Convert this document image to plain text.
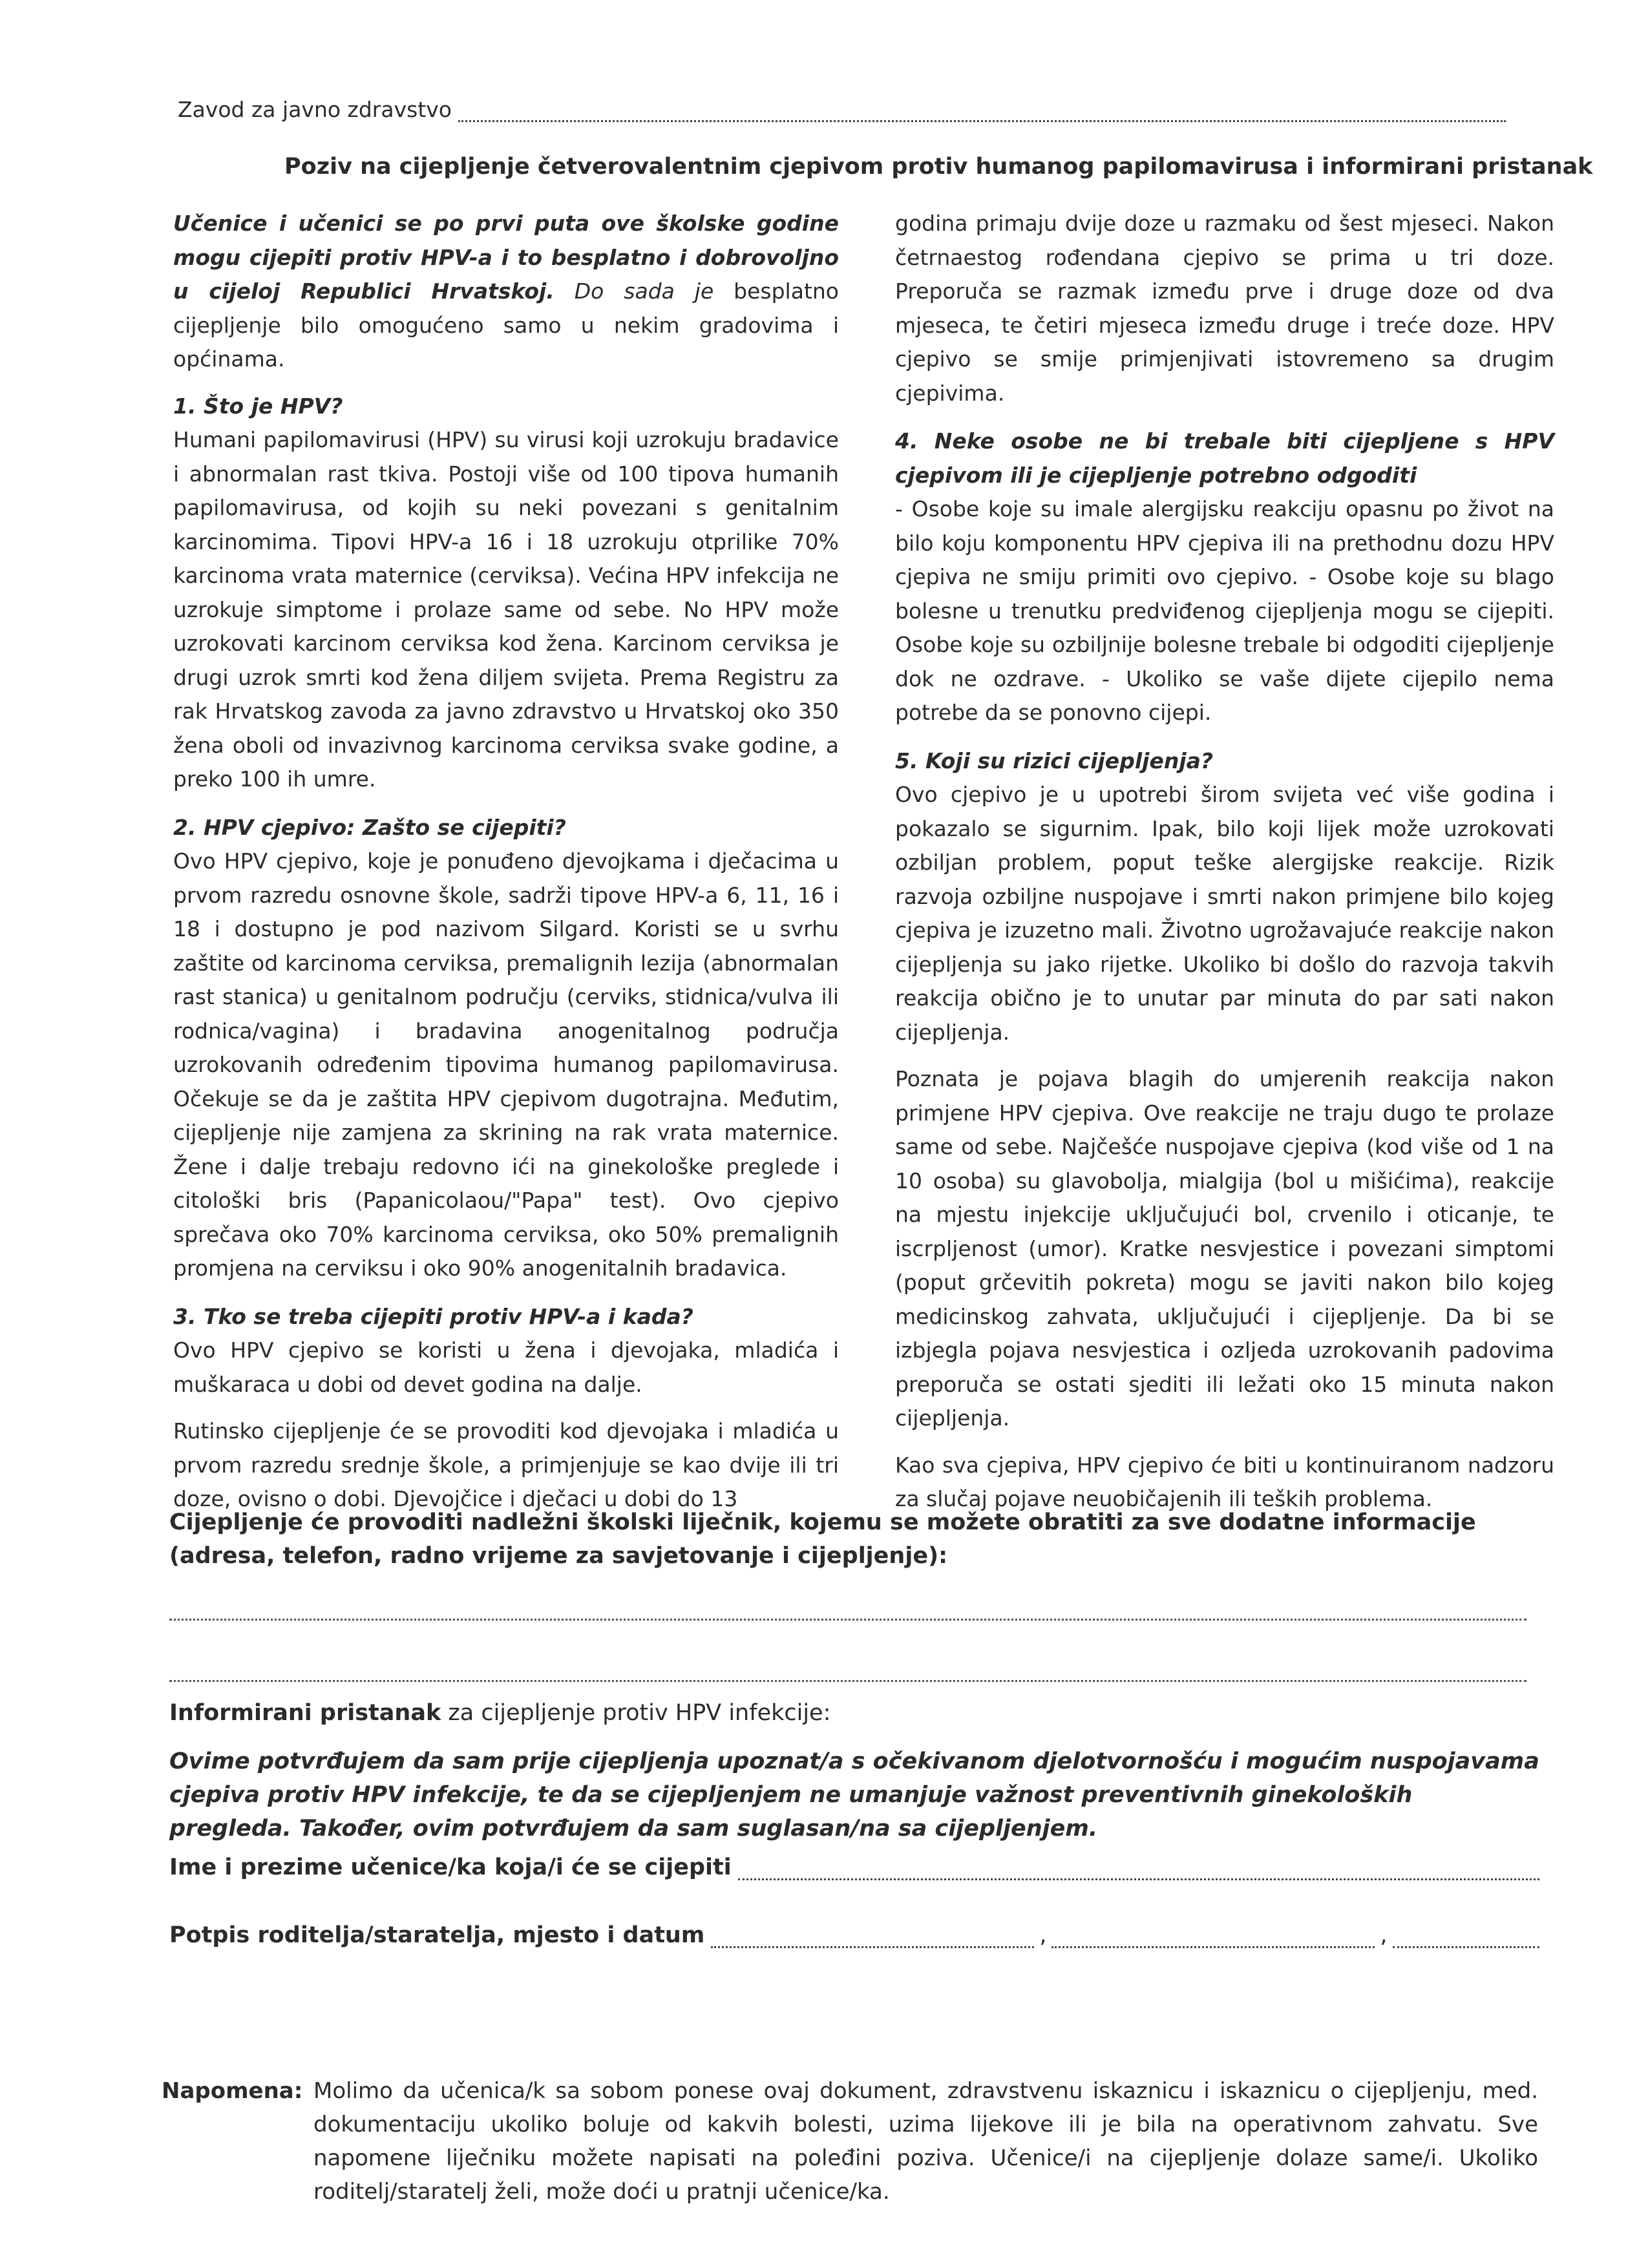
Zavod za javno zdravstvo
Poziv na cijepljenje četverovalentnim cjepivom protiv humanog papilomavirusa i informirani pristanak

Učenice i učenici se po prvi puta ove školske godine mogu cijepiti protiv HPV-a i to besplatno i dobrovoljno u cijeloj Republici Hrvatskoj. Do sada je besplatno cijepljenje bilo omogućeno samo u nekim gradovima i općinama.

1. Što je HPV?

Humani papilomavirusi (HPV) su virusi koji uzrokuju bradavice i abnormalan rast tkiva. Postoji više od 100 tipova humanih papilomavirusa, od kojih su neki povezani s genitalnim karcinomima. Tipovi HPV-a 16 i 18 uzrokuju otprilike 70% karcinoma vrata maternice (cerviksa). Većina HPV infekcija ne uzrokuje simptome i prolaze same od sebe. No HPV može uzrokovati karcinom cerviksa kod žena. Karcinom cerviksa je drugi uzrok smrti kod žena diljem svijeta. Prema Registru za rak Hrvatskog zavoda za javno zdravstvo u Hrvatskoj oko 350 žena oboli od invazivnog karcinoma cerviksa svake godine, a preko 100 ih umre.

2. HPV cjepivo: Zašto se cijepiti?

Ovo HPV cjepivo, koje je ponuđeno djevojkama i dječacima u prvom razredu osnovne škole, sadrži tipove HPV-a 6, 11, 16 i 18 i dostupno je pod nazivom Silgard. Koristi se u svrhu zaštite od karcinoma cerviksa, premalignih lezija (abnormalan rast stanica) u genitalnom području (cerviks, stidnica/vulva ili rodnica/vagina) i bradavina anogenitalnog područja uzrokovanih određenim tipovima humanog papilomavirusa. Očekuje se da je zaštita HPV cjepivom dugotrajna. Međutim, cijepljenje nije zamjena za skrining na rak vrata maternice. Žene i dalje trebaju redovno ići na ginekološke preglede i citološki bris (Papanicolaou/"Papa" test). Ovo cjepivo sprečava oko 70% karcinoma cerviksa, oko 50% premalignih promjena na cerviksu i oko 90% anogenitalnih bradavica.

3. Tko se treba cijepiti protiv HPV-a i kada?

Ovo HPV cjepivo se koristi u žena i djevojaka, mladića i muškaraca u dobi od devet godina na dalje.

Rutinsko cijepljenje će se provoditi kod djevojaka i mladića u prvom razredu srednje škole, a primjenjuje se kao dvije ili tri doze, ovisno o dobi. Djevojčice i dječaci u dobi do 13

godina primaju dvije doze u razmaku od šest mjeseci. Nakon četrnaestog rođendana cjepivo se prima u tri doze. Preporuča se razmak između prve i druge doze od dva mjeseca, te četiri mjeseca između druge i treće doze. HPV cjepivo se smije primjenjivati istovremeno sa drugim cjepivima.

4. Neke osobe ne bi trebale biti cijepljene s HPV cjepivom ili je cijepljenje potrebno odgoditi

- Osobe koje su imale alergijsku reakciju opasnu po život na bilo koju komponentu HPV cjepiva ili na prethodnu dozu HPV cjepiva ne smiju primiti ovo cjepivo. - Osobe koje su blago bolesne u trenutku predviđenog cijepljenja mogu se cijepiti. Osobe koje su ozbiljnije bolesne trebale bi odgoditi cijepljenje dok ne ozdrave. - Ukoliko se vaše dijete cijepilo nema potrebe da se ponovno cijepi.

5. Koji su rizici cijepljenja?

Ovo cjepivo je u upotrebi širom svijeta već više godina i pokazalo se sigurnim. Ipak, bilo koji lijek može uzrokovati ozbiljan problem, poput teške alergijske reakcije. Rizik razvoja ozbiljne nuspojave i smrti nakon primjene bilo kojeg cjepiva je izuzetno mali. Životno ugrožavajuće reakcije nakon cijepljenja su jako rijetke. Ukoliko bi došlo do razvoja takvih reakcija obično je to unutar par minuta do par sati nakon cijepljenja.

Poznata je pojava blagih do umjerenih reakcija nakon primjene HPV cjepiva. Ove reakcije ne traju dugo te prolaze same od sebe. Najčešće nuspojave cjepiva (kod više od 1 na 10 osoba) su glavobolja, mialgija (bol u mišićima), reakcije na mjestu injekcije uključujući bol, crvenilo i oticanje, te iscrpljenost (umor). Kratke nesvjestice i povezani simptomi (poput grčevitih pokreta) mogu se javiti nakon bilo kojeg medicinskog zahvata, uključujući i cijepljenje. Da bi se izbjegla pojava nesvjestica i ozljeda uzrokovanih padovima preporuča se ostati sjediti ili ležati oko 15 minuta nakon cijepljenja.

Kao sva cjepiva, HPV cjepivo će biti u kontinuiranom nadzoru za slučaj pojave neuobičajenih ili teških problema.

Cijepljenje će provoditi nadležni školski liječnik, kojemu se možete obratiti za sve dodatne informacije (adresa, telefon, radno vrijeme za savjetovanje i cijepljenje):
Informirani pristanak za cijepljenje protiv HPV infekcije:
Ovime potvrđujem da sam prije cijepljenja upoznat/a s očekivanom djelotvornošću i mogućim nuspojavama cjepiva protiv HPV infekcije, te da se cijepljenjem ne umanjuje važnost preventivnih ginekoloških pregleda. Također, ovim potvrđujem da sam suglasan/na sa cijepljenjem.
Ime i prezime učenice/ka koja/i će se cijepiti
Potpis roditelja/staratelja, mjesto i datum	,	,
Napomena: Molimo da učenica/k sa sobom ponese ovaj dokument, zdravstvenu iskaznicu i iskaznicu o cijepljenju, med. dokumentaciju ukoliko boluje od kakvih bolesti, uzima lijekove ili je bila na operativnom zahvatu. Sve napomene liječniku možete napisati na poleđini poziva. Učenice/i na cijepljenje dolaze same/i. Ukoliko roditelj/staratelj želi, može doći u pratnji učenice/ka.
